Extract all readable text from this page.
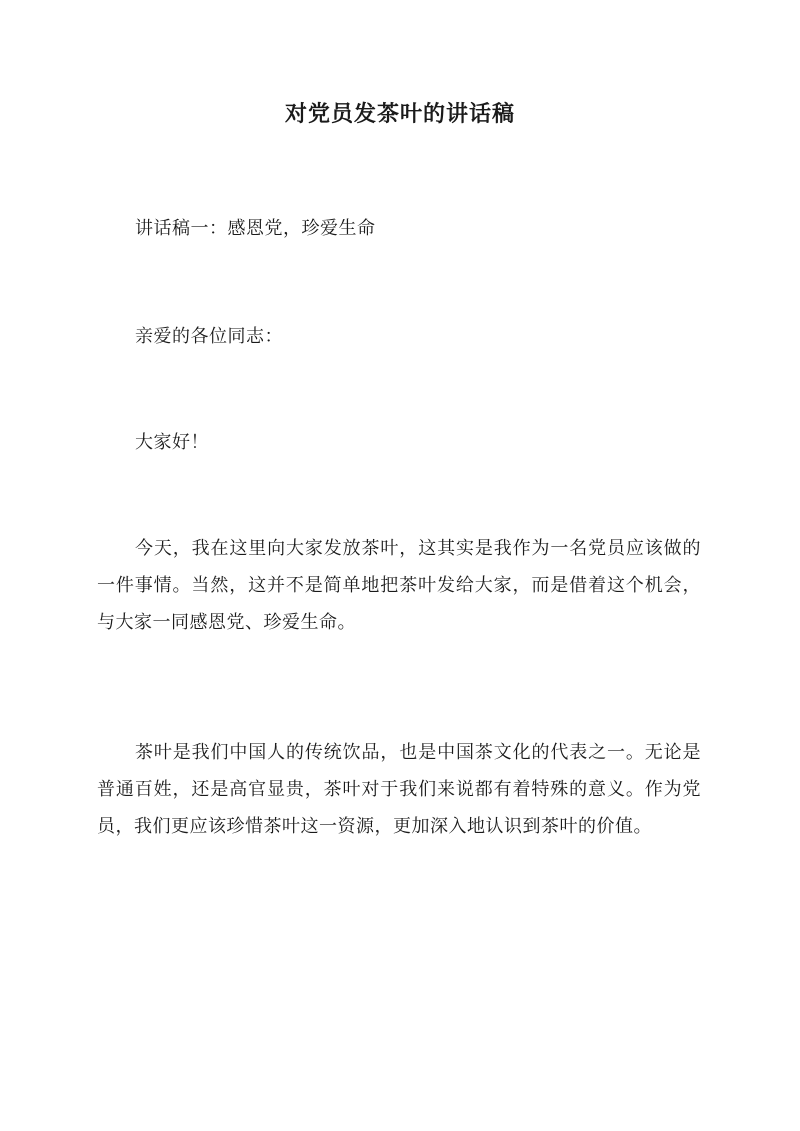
对党员发茶叶的讲话稿

讲话稿一：感恩党，珍爱生命

亲爱的各位同志：

大家好！

今天，我在这里向大家发放茶叶，这其实是我作为一名党员应该做的一件事情。当然，这并不是简单地把茶叶发给大家，而是借着这个机会，与大家一同感恩党、珍爱生命。

茶叶是我们中国人的传统饮品，也是中国茶文化的代表之一。无论是普通百姓，还是高官显贵，茶叶对于我们来说都有着特殊的意义。作为党员，我们更应该珍惜茶叶这一资源，更加深入地认识到茶叶的价值。
